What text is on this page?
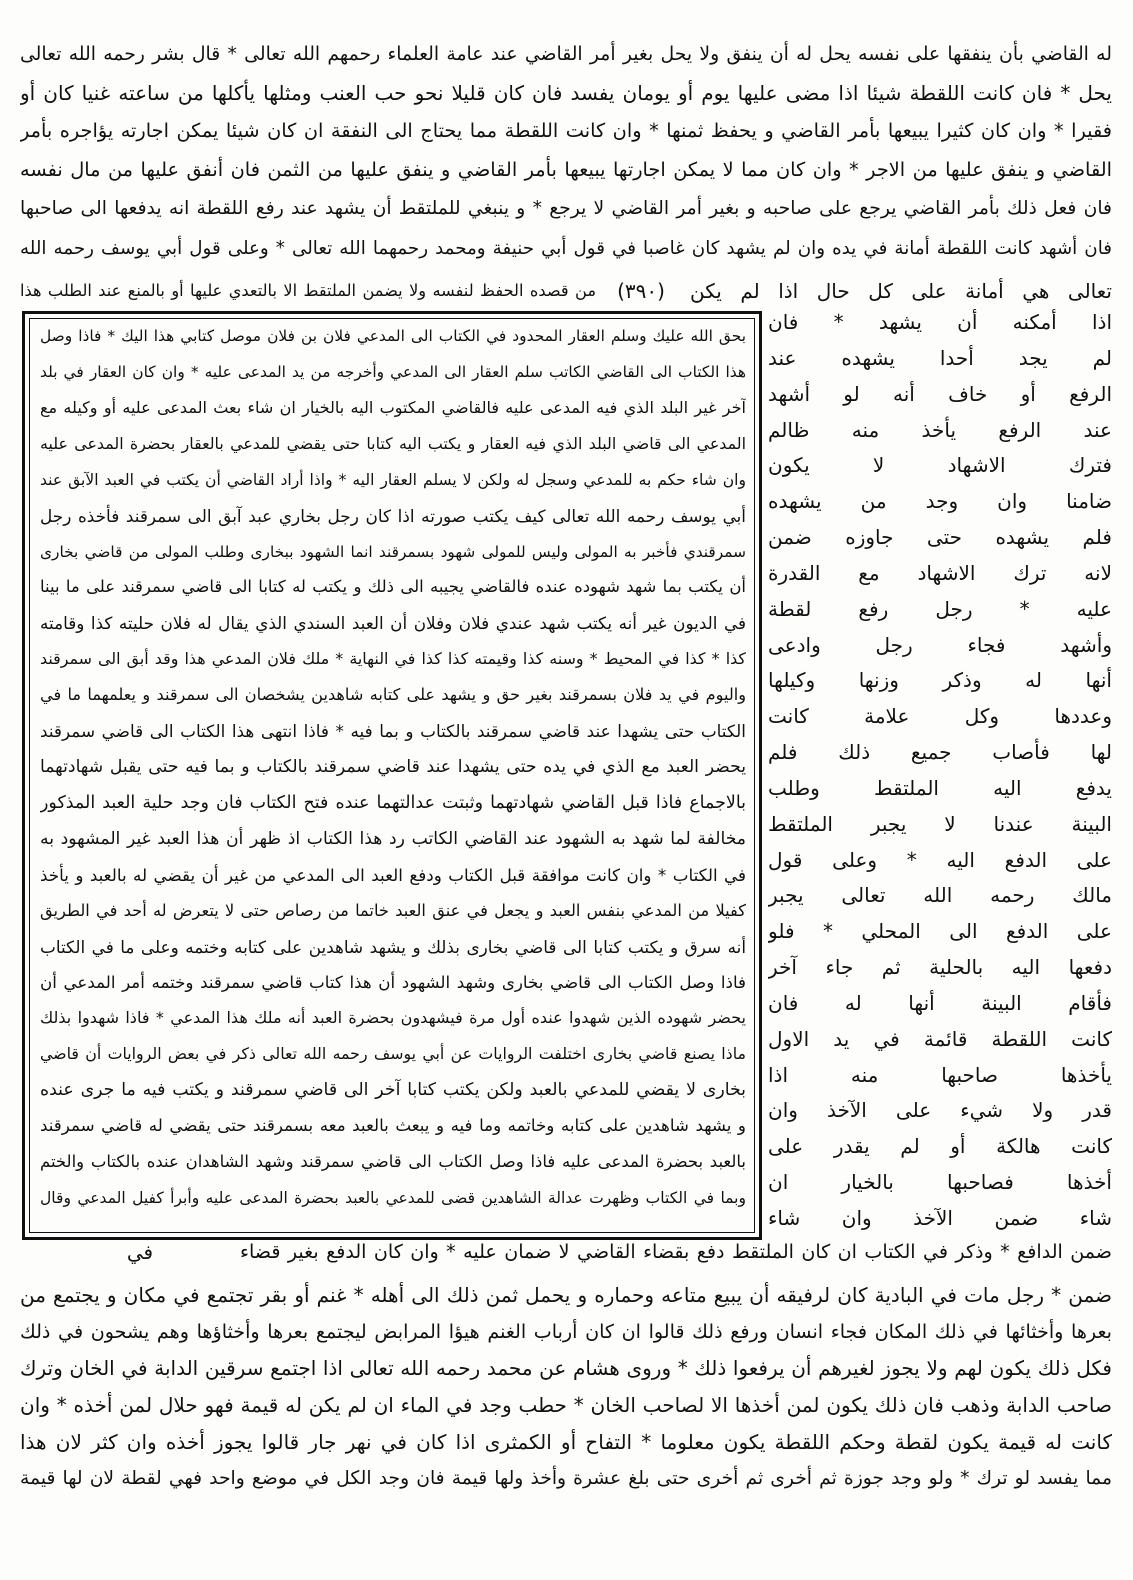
له القاضي بأن ينفقها على نفسه يحل له أن ينفق ولا يحل بغير أمر القاضي عند عامة العلماء رحمهم الله تعالى * قال بشر رحمه الله تعالى
يحل * فان كانت اللقطة شيئا اذا مضى عليها يوم أو يومان يفسد فان كان قليلا نحو حب العنب ومثلها يأكلها من ساعته غنيا كان أو
فقيرا * وان كان كثيرا يبيعها بأمر القاضي و يحفظ ثمنها * وان كانت اللقطة مما يحتاج الى النفقة ان كان شيئا يمكن اجارته يؤاجره بأمر
القاضي و ينفق عليها من الاجر * وان كان مما لا يمكن اجارتها يبيعها بأمر القاضي و ينفق عليها من الثمن فان أنفق عليها من مال نفسه
فان فعل ذلك بأمر القاضي يرجع على صاحبه و بغير أمر القاضي لا يرجع * و ينبغي للملتقط أن يشهد عند رفع اللقطة انه يدفعها الى صاحبها
فان أشهد كانت اللقطة أمانة في يده وان لم يشهد كان غاصبا في قول أبي حنيفة ومحمد رحمهما الله تعالى * وعلى قول أبي يوسف رحمه الله
تعالى هي أمانة على كل حال اذا لم يكن
(٣٩٠)
من قصده الحفظ لنفسه ولا يضمن الملتقط الا بالتعدي عليها أو بالمنع عند الطلب هذا
بحق الله عليك وسلم العقار المحدود في الكتاب الى المدعي فلان بن فلان موصل كتابي هذا اليك * فاذا وصل
هذا الكتاب الى القاضي الكاتب سلم العقار الى المدعي وأخرجه من يد المدعى عليه * وان كان العقار في بلد
آخر غير البلد الذي فيه المدعى عليه فالقاضي المكتوب اليه بالخيار ان شاء بعث المدعى عليه أو وكيله مع
المدعي الى قاضي البلد الذي فيه العقار و يكتب اليه كتابا حتى يقضي للمدعي بالعقار بحضرة المدعى عليه
وان شاء حكم به للمدعي وسجل له ولكن لا يسلم العقار اليه * واذا أراد القاضي أن يكتب في العبد الآبق عند
أبي يوسف رحمه الله تعالى كيف يكتب صورته اذا كان رجل بخاري عبد آبق الى سمرقند فأخذه رجل
سمرقندي فأخبر به المولى وليس للمولى شهود بسمرقند انما الشهود ببخارى وطلب المولى من قاضي بخارى
أن يكتب بما شهد شهوده عنده فالقاضي يجيبه الى ذلك و يكتب له كتابا الى قاضي سمرقند على ما بينا
في الديون غير أنه يكتب شهد عندي فلان وفلان أن العبد السندي الذي يقال له فلان حليته كذا وقامته
كذا * كذا في المحيط * وسنه كذا وقيمته كذا كذا في النهاية * ملك فلان المدعي هذا وقد أبق الى سمرقند
واليوم في يد فلان بسمرقند بغير حق و يشهد على كتابه شاهدين يشخصان الى سمرقند و يعلمهما ما في
الكتاب حتى يشهدا عند قاضي سمرقند بالكتاب و بما فيه * فاذا انتهى هذا الكتاب الى قاضي سمرقند
يحضر العبد مع الذي في يده حتى يشهدا عند قاضي سمرقند بالكتاب و بما فيه حتى يقبل شهادتهما
بالاجماع فاذا قبل القاضي شهادتهما وثبتت عدالتهما عنده فتح الكتاب فان وجد حلية العبد المذكور
مخالفة لما شهد به الشهود عند القاضي الكاتب رد هذا الكتاب اذ ظهر أن هذا العبد غير المشهود به
في الكتاب * وان كانت موافقة قبل الكتاب ودفع العبد الى المدعي من غير أن يقضي له بالعبد و يأخذ
كفيلا من المدعي بنفس العبد و يجعل في عنق العبد خاتما من رصاص حتى لا يتعرض له أحد في الطريق
أنه سرق و يكتب كتابا الى قاضي بخارى بذلك و يشهد شاهدين على كتابه وختمه وعلى ما في الكتاب
فاذا وصل الكتاب الى قاضي بخارى وشهد الشهود أن هذا كتاب قاضي سمرقند وختمه أمر المدعي أن
يحضر شهوده الذين شهدوا عنده أول مرة فيشهدون بحضرة العبد أنه ملك هذا المدعي * فاذا شهدوا بذلك
ماذا يصنع قاضي بخارى اختلفت الروايات عن أبي يوسف رحمه الله تعالى ذكر في بعض الروايات أن قاضي
بخارى لا يقضي للمدعي بالعبد ولكن يكتب كتابا آخر الى قاضي سمرقند و يكتب فيه ما جرى عنده
و يشهد شاهدين على كتابه وخاتمه وما فيه و يبعث بالعبد معه بسمرقند حتى يقضي له قاضي سمرقند
بالعبد بحضرة المدعى عليه فاذا وصل الكتاب الى قاضي سمرقند وشهد الشاهدان عنده بالكتاب والختم
وبما في الكتاب وظهرت عدالة الشاهدين قضى للمدعي بالعبد بحضرة المدعى عليه وأبرأ كفيل المدعي وقال
اذا أمكنه أن يشهد * فان
لم يجد أحدا يشهده عند
الرفع أو خاف أنه لو أشهد
عند الرفع يأخذ منه ظالم
فترك الاشهاد لا يكون
ضامنا وان وجد من يشهده
فلم يشهده حتى جاوزه ضمن
لانه ترك الاشهاد مع القدرة
عليه * رجل رفع لقطة
وأشهد فجاء رجل وادعى
أنها له وذكر وزنها وكيلها
وعددها وكل علامة كانت
لها فأصاب جميع ذلك فلم
يدفع اليه الملتقط وطلب
البينة عندنا لا يجبر الملتقط
على الدفع اليه * وعلى قول
مالك رحمه الله تعالى يجبر
على الدفع الى المحلي * فلو
دفعها اليه بالحلية ثم جاء آخر
فأقام البينة أنها له فان
كانت اللقطة قائمة في يد الاول
يأخذها صاحبها منه اذا
قدر ولا شيء على الآخذ وان
كانت هالكة أو لم يقدر على
أخذها فصاحبها بالخيار ان
شاء ضمن الآخذ وان شاء
ضمن الدافع * وذكر في الكتاب ان كان الملتقط دفع بقضاء القاضي لا ضمان عليه * وان كان الدفع بغير قضاء
في
ضمن * رجل مات في البادية كان لرفيقه أن يبيع متاعه وحماره و يحمل ثمن ذلك الى أهله * غنم أو بقر تجتمع في مكان و يجتمع من
بعرها وأخثائها في ذلك المكان فجاء انسان ورفع ذلك قالوا ان كان أرباب الغنم هيؤا المرابض ليجتمع بعرها وأخثاؤها وهم يشحون في ذلك
فكل ذلك يكون لهم ولا يجوز لغيرهم أن يرفعوا ذلك * وروى هشام عن محمد رحمه الله تعالى اذا اجتمع سرقين الدابة في الخان وترك
صاحب الدابة وذهب فان ذلك يكون لمن أخذها الا لصاحب الخان * حطب وجد في الماء ان لم يكن له قيمة فهو حلال لمن أخذه * وان
كانت له قيمة يكون لقطة وحكم اللقطة يكون معلوما * التفاح أو الكمثرى اذا كان في نهر جار قالوا يجوز أخذه وان كثر لان هذا
مما يفسد لو ترك * ولو وجد جوزة ثم أخرى ثم أخرى حتى بلغ عشرة وأخذ ولها قيمة فان وجد الكل في موضع واحد فهي لقطة لان لها قيمة
